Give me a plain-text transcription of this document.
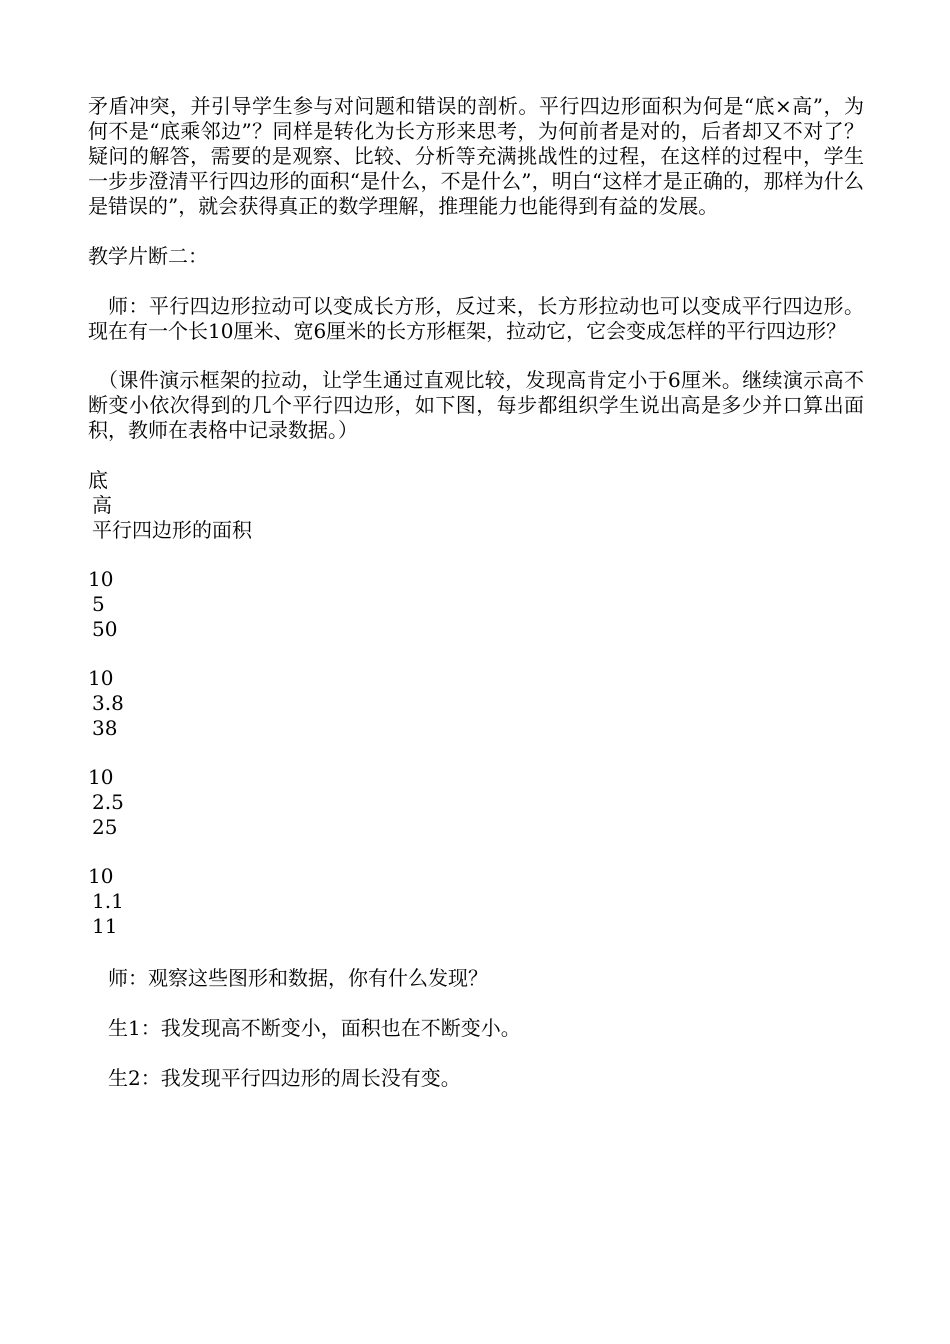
矛盾冲突，并引导学生参与对问题和错误的剖析。平行四边形面积为何是“底×高”，为何不是“底乘邻边”？同样是转化为长方形来思考，为何前者是对的，后者却又不对了？疑问的解答，需要的是观察、比较、分析等充满挑战性的过程，在这样的过程中，学生一步步澄清平行四边形的面积“是什么，不是什么”，明白“这样才是正确的，那样为什么是错误的”，就会获得真正的数学理解，推理能力也能得到有益的发展。

教学片断二：

师：平行四边形拉动可以变成长方形，反过来，长方形拉动也可以变成平行四边形。现在有一个长10厘米、宽6厘米的长方形框架，拉动它，它会变成怎样的平行四边形？

（课件演示框架的拉动，让学生通过直观比较，发现高肯定小于6厘米。继续演示高不断变小依次得到的几个平行四边形，如下图，每步都组织学生说出高是多少并口算出面积，教师在表格中记录数据。）

底
高
平行四边形的面积
10
5
50
10
3.8
38
10
2.5
25
10
1.1
11

师：观察这些图形和数据，你有什么发现？

生1：我发现高不断变小，面积也在不断变小。

生2：我发现平行四边形的周长没有变。
